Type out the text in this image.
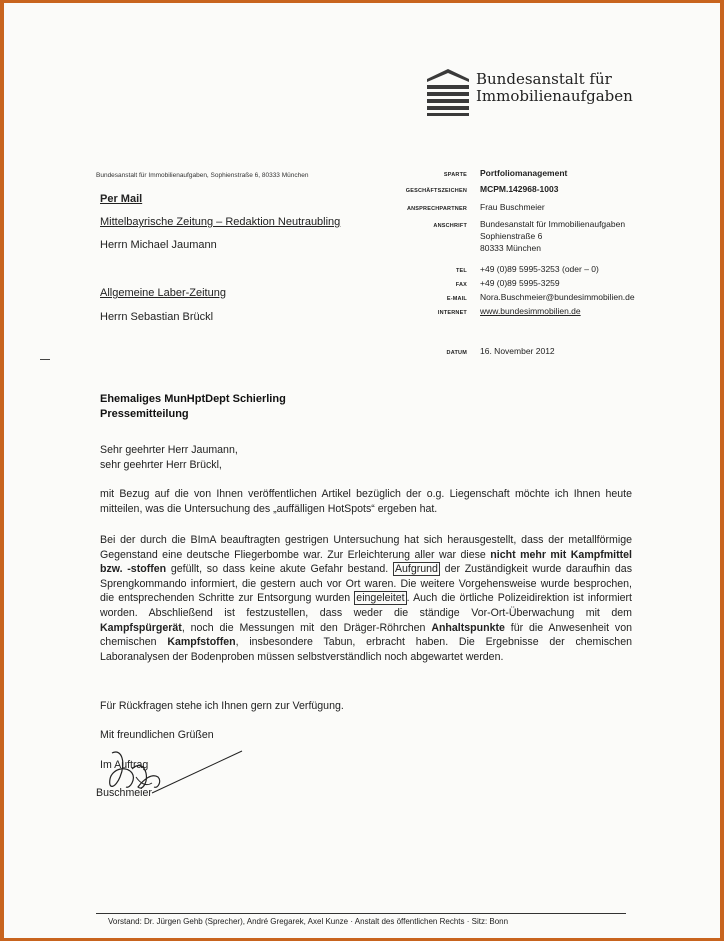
Bundesanstalt für
Immobilienaufgaben
Bundesanstalt für Immobilienaufgaben, Sophienstraße 6, 80333 München
Per Mail
Mittelbayrische Zeitung – Redaktion Neutraubling
Herrn Michael Jaumann
Allgemeine Laber-Zeitung
Herrn Sebastian Brückl
SPARTE Portfoliomanagement
GESCHÄFTSZEICHEN MCPM.142968-1003
ANSPRECHPARTNER Frau Buschmeier
ANSCHRIFT Bundesanstalt für Immobilienaufgaben
Sophienstraße 6
80333 München
TEL +49 (0)89 5995-3253 (oder – 0)
FAX +49 (0)89 5995-3259
E-MAIL Nora.Buschmeier@bundesimmobilien.de
INTERNET www.bundesimmobilien.de
DATUM 16. November 2012
Ehemaliges MunHptDept Schierling
Pressemitteilung
Sehr geehrter Herr Jaumann,
sehr geehrter Herr Brückl,
mit Bezug auf die von Ihnen veröffentlichen Artikel bezüglich der o.g. Liegenschaft möchte ich Ihnen heute mitteilen, was die Untersuchung des „auffälligen HotSpots“ ergeben hat.
Bei der durch die BImA beauftragten gestrigen Untersuchung hat sich herausgestellt, dass der metallförmige Gegenstand eine deutsche Fliegerbombe war. Zur Erleichterung aller war diese nicht mehr mit Kampfmittel bzw. -stoffen gefüllt, so dass keine akute Gefahr bestand. Aufgrund der Zuständigkeit wurde daraufhin das Sprengkommando informiert, die gestern auch vor Ort waren. Die weitere Vorgehensweise wurde besprochen, die entsprechenden Schritte zur Entsorgung wurden eingeleitet . Auch die örtliche Polizeidirektion ist informiert worden. Abschließend ist festzustellen, dass weder die ständige Vor-Ort-Überwachung mit dem Kampfspürgerät, noch die Messungen mit den Dräger-Röhrchen Anhaltspunkte für die Anwesenheit von chemischen Kampfstoffen, insbesondere Tabun, erbracht haben. Die Ergebnisse der chemischen Laboranalysen der Bodenproben müssen selbstverständlich noch abgewartet werden.
Für Rückfragen stehe ich Ihnen gern zur Verfügung.
Mit freundlichen Grüßen
Im Auftrag
Buschmeier
Vorstand: Dr. Jürgen Gehb (Sprecher), André Gregarek, Axel Kunze · Anstalt des öffentlichen Rechts · Sitz: Bonn
